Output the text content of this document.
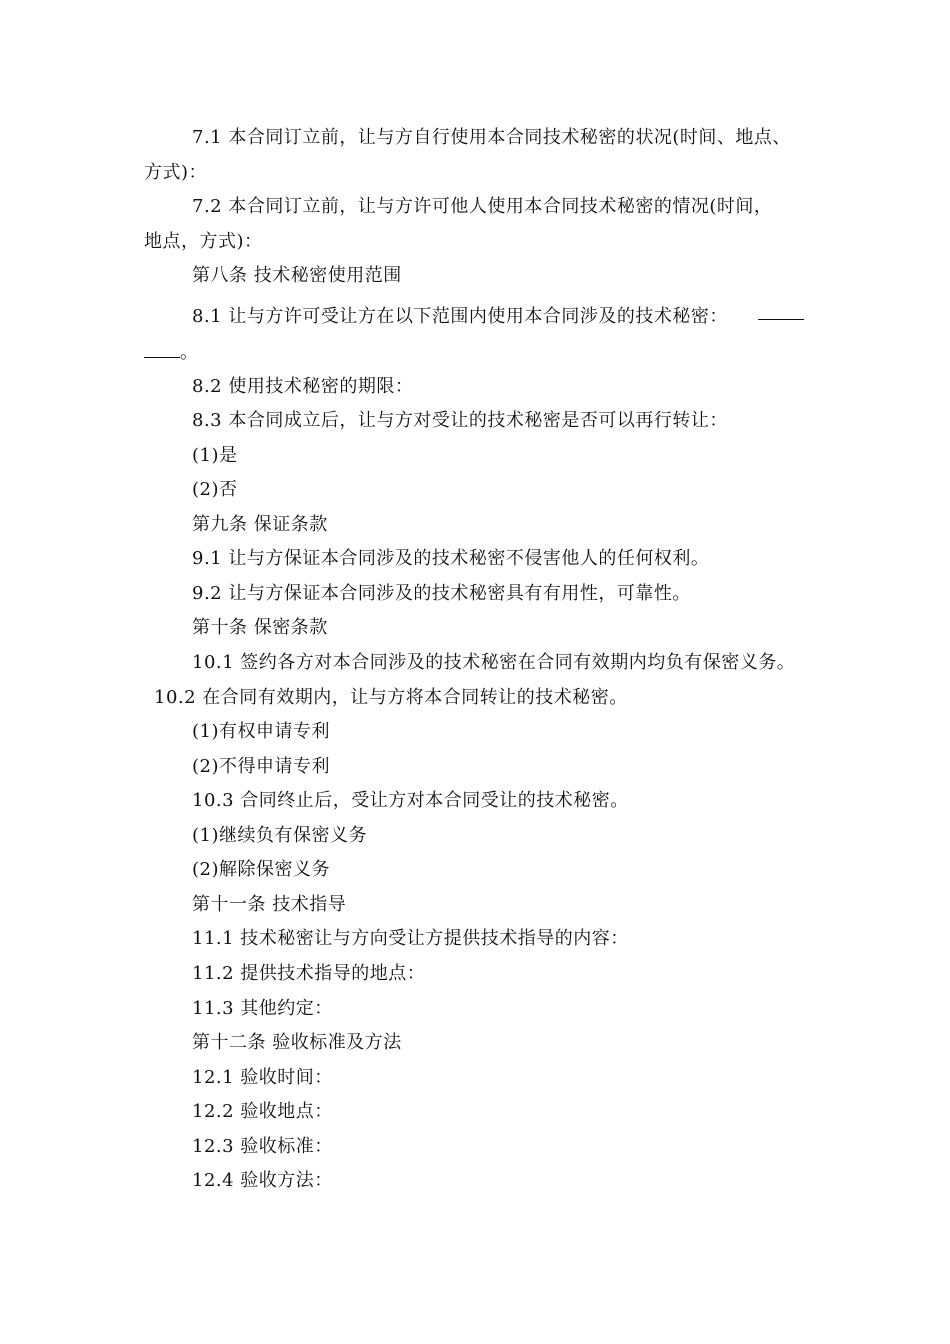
7.1 本合同订立前，让与方自行使用本合同技术秘密的状况(时间、地点、
方式)：
7.2 本合同订立前，让与方许可他人使用本合同技术秘密的情况(时间，
地点，方式)：
第八条 技术秘密使用范围
8.1 让与方许可受让方在以下范围内使用本合同涉及的技术秘密：
。
8.2 使用技术秘密的期限：
8.3 本合同成立后，让与方对受让的技术秘密是否可以再行转让：
(1)是
(2)否
第九条 保证条款
9.1 让与方保证本合同涉及的技术秘密不侵害他人的任何权利。
9.2 让与方保证本合同涉及的技术秘密具有有用性，可靠性。
第十条 保密条款
10.1 签约各方对本合同涉及的技术秘密在合同有效期内均负有保密义务。
10.2 在合同有效期内，让与方将本合同转让的技术秘密。
(1)有权申请专利
(2)不得申请专利
10.3 合同终止后，受让方对本合同受让的技术秘密。
(1)继续负有保密义务
(2)解除保密义务
第十一条 技术指导
11.1 技术秘密让与方向受让方提供技术指导的内容：
11.2 提供技术指导的地点：
11.3 其他约定：
第十二条 验收标准及方法
12.1 验收时间：
12.2 验收地点：
12.3 验收标准：
12.4 验收方法：
